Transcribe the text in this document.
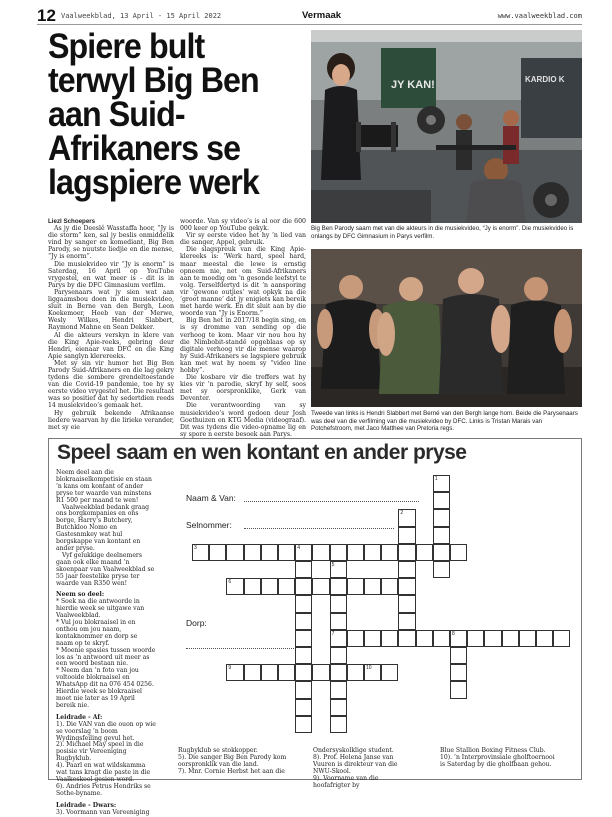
12 Vaalweekblad, 13 April - 15 April 2022	Vermaak	www.vaalweekblad.com
Spiere bult terwyl Big Ben aan Suid-Afrikaners se lagspiere werk
JY KAN!	KARDIO K
Big Ben Parody saam met van die akteurs in die musiekvideo, “Jy is enorm”. Die musiekvideo is onlangs by DFC Gimnasium in Parys verfilm.
Tweede van links is Hendri Slabbert met Berné van den Bergh lange hom. Beide die Parysenaars was deel van die verfilming van die musiekvideo by DFC. Links is Tristan Marais van Potchefstroom, met Jaco Matthee van Pretoria regs.

Liezl Schoepers

As jy die Deeslê Wasstaffa hoor, “Jy is die storm” ken, sal jy beslis onmiddelik vind by sanger en komediant, Big Ben Parody, se nuutste liedjie en die mense, “Jy is enorm”.

Die musiekvideo vir “Jy is enorm” is Saterdag, 16 April op YouTube vrygestel, en wat meer is - dit is in Parys by die DFC Gimnasium verfilm.

Parysenaars wat jy sien wat aan liggaamsbou doen in die musiekvideo, sluit in Berne van den Bergh, Leon Koekemoer, Heeb van der Merwe, Wesly Wilkes, Hendri Slabbert, Raymond Mahne en Sean Dekker.

Al die akteurs verskyn in klere van die King Apie-reeks, gebring deur Hendri, eienaar van DFC en die King Apie sanglyn klerereeks.

Met sy sin vir humor het Big Ben Parody Suid-Afrikaners en die lag gekry tydens die sombere grendeltoestande van die Covid-19 pandemie, toe hy sy eerste video vrygestel het. Die resultaat was so positief dat hy sedertdien reeds 14 musiekvideo’s gemaak het.

Hy gebruik bekende Afrikaanse liedere waarvan hy die lirieke verander, met sy eie

woorde. Van sy video’s is al oor die 600 000 keer op YouTube gekyk.

Vir sy eerste video het hy ’n lied van die sanger, Appel, gebruik.

Die slagspreuk van die King Apie-klereeks is: ‘Werk hard, speel hard, maar meestal die lewe is ernstig opneem nie, net om Suid-Afrikaners aan te moedig om ’n gesonde leefstyl te volg. Terselfdertyd is dit ’n aansporing vir ‘gewone outjies’ wat opkyk na die ‘groot manne’ dat jy enigiets kan bereik met harde werk. En dit sluit aan by die woorde van “Jy is Enorm.”

Big Ben het in 2017/18 begin sing, en is sy dromme van sending op die verhoog te kom. Maar vir nou hou hy die Nimbobit-standê opgeblaas op sy digitale verhoog vir die mense waarop hy Suid-Afrikaners se lagspiere gebruik kan met wat hy noem sy “video line hobby”.

Die kosbare vir die treffers wat hy kies vir ’n parodie, skryf hy self, soos met sy oorspronklike, Gerk van Deventer.

Die verantwoording van sy musiekvideo’s word gedoen deur Josh Goethuizen en KTG Media (videograaf). Dit was tydens die video-opname lig en sy spore n eerste besoek aan Parys.

Speel saam en wen kontant en ander pryse

Neem deel aan die blokraaiselkompetisie en staan ’n kans om kontant of ander pryse ter waarde van minstens R1 500 per maand te wen!

Vaalweekblad bedank graag ons borgkompanies en ons borge, Harry’s Butchery, Butchkloo Nomo en Gastesnmkey wat hul borgskappe van kontant en ander pryse.

Vyf gelukkige deelnemers gaan ook elke maand ’n skoenpaar van Vaalweekblad se 55 jaar feestelike pryse ter waarde van R350 wen!

Neem so deel:

* Soek na die antwoorde in hierdie week se uitgawe van Vaalweekblad.

* Vul jou blokraaisel in en onthou om jou naam, kontaknommer en dorp se naam op te skryf.

* Moenie spasies tussen woorde los as ’n antwoord uit meer as een woord bestaan nie.

* Neem dan ’n foto van jou voltooide blokraaisel en WhatsApp dit na 076 454 0256. Hierdie week se blokraaisel moet nie later as 19 April bereik nie.

Leidrade - Af:

1). Die VAN van die ouon op wie se voorslag ’n boom Wydingsfeiling gevul het.

2). Michael May speel in die posisie vir Vereeniging Rugbyklub.

4). Paarl en wat wildskamma wat tans kragt die paste in die Vaalkeskool gesien word.

6). Andries Petrus Hendriks se Sothe-byname.

Leidrade - Dwars:

3). Voormann van Vereeniging

Rugbyklub se stokkopper.

5). Die sanger Big Ben Parody kom oorspronklik van die land.

7). Mnr. Cornie Herbst het aan die

Ondersyskolklige student.

8). Prof. Helena Janse van Vuuren is direkteur van die NWU-Skool.

9). Voorname van die hoofafrigter by

Blue Stallion Boxing Fitness Club.

10). ’n Interprovinsiale gholftoernooi is Saterdag by die gholfbaan gehou.

Naam & Van:
Selnommer:
Dorp:
1
2
3	4
5
7
6
8
9	10
